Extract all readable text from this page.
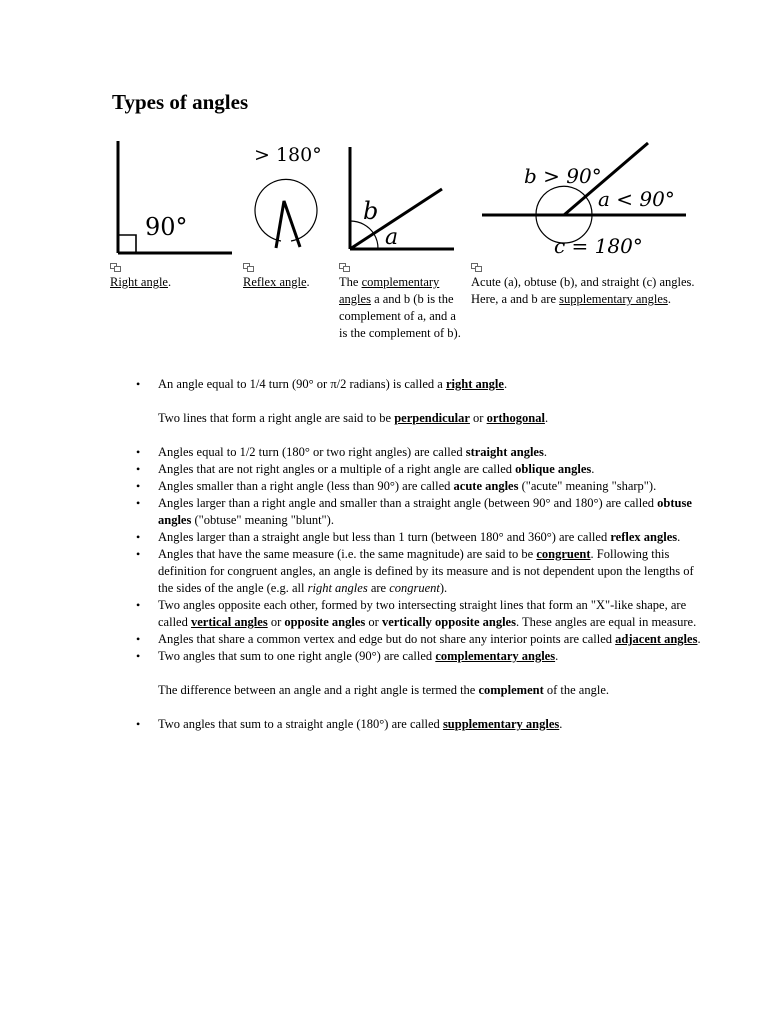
Types of angles
90°
> 180°
b
a
b > 90°
a < 90°
c = 180°
Right angle.	Reflex angle.	The complementary angles a and b (b is the complement of a, and a is the complement of b).
Acute (a), obtuse (b), and straight (c) angles. Here, a and b are supplementary angles.
• An angle equal to 1/4 turn (90° or π/2 radians) is called a right angle.

Two lines that form a right angle are said to be perpendicular or orthogonal.

• Angles equal to 1/2 turn (180° or two right angles) are called straight angles.
• Angles that are not right angles or a multiple of a right angle are called oblique angles.
• Angles smaller than a right angle (less than 90°) are called acute angles ("acute" meaning "sharp").
• Angles larger than a right angle and smaller than a straight angle (between 90° and 180°) are called obtuse angles ("obtuse" meaning "blunt").
• Angles larger than a straight angle but less than 1 turn (between 180° and 360°) are called reflex angles.
• Angles that have the same measure (i.e. the same magnitude) are said to be congruent. Following this definition for congruent angles, an angle is defined by its measure and is not dependent upon the lengths of the sides of the angle (e.g. all right angles are congruent).
• Two angles opposite each other, formed by two intersecting straight lines that form an "X"-like shape, are called vertical angles or opposite angles or vertically opposite angles. These angles are equal in measure.
• Angles that share a common vertex and edge but do not share any interior points are called adjacent angles.
• Two angles that sum to one right angle (90°) are called complementary angles.

The difference between an angle and a right angle is termed the complement of the angle.

• Two angles that sum to a straight angle (180°) are called supplementary angles.
